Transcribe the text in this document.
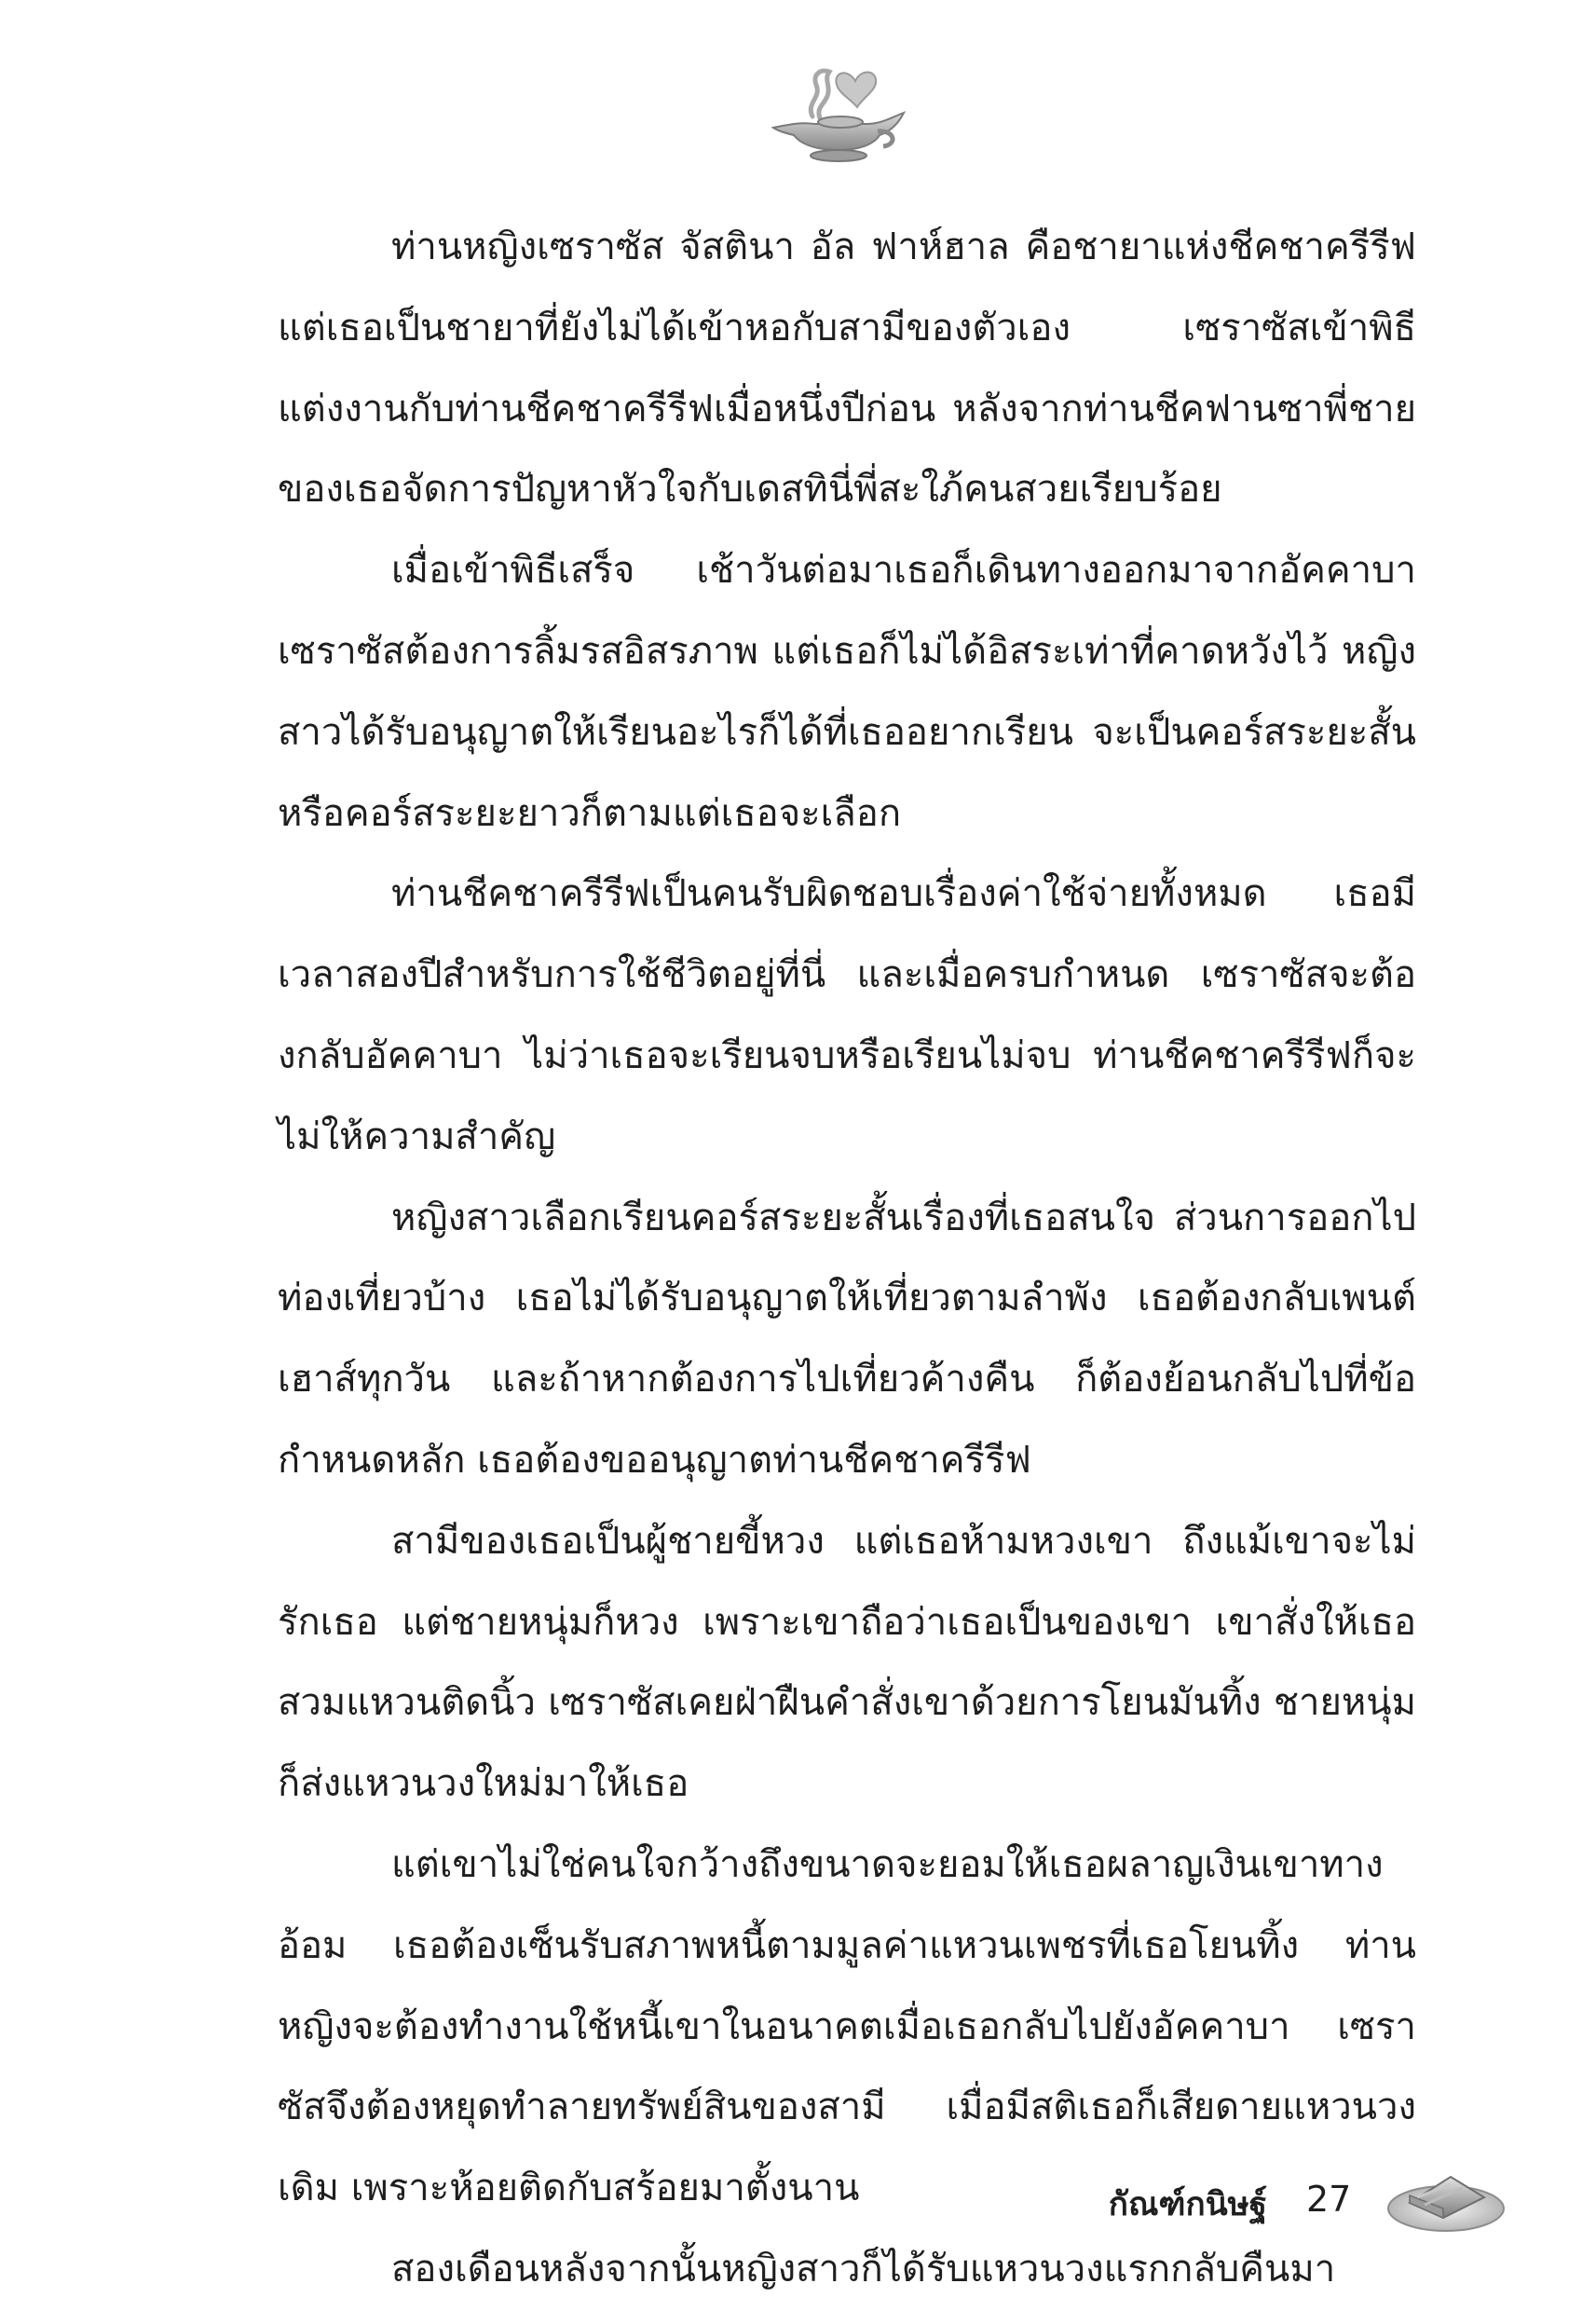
ท่านหญิงเซราซัส จัสตินา อัล ฟาห์ฮาล คือชายาแห่งชีคชาครีรีฟ แต่เธอเป็นชายาที่ยังไม่ได้เข้าหอกับสามีของตัวเอง เซราซัสเข้าพิธีแต่งงานกับท่านชีคชาครีรีฟเมื่อหนึ่งปีก่อน หลังจากท่านชีคฟานซาพี่ชายของเธอจัดการปัญหาหัวใจกับเดสทินี่พี่สะใภ้คนสวยเรียบร้อย

เมื่อเข้าพิธีเสร็จ เช้าวันต่อมาเธอก็เดินทางออกมาจากอัคคาบา เซราซัสต้องการลิ้มรสอิสรภาพ แต่เธอก็ไม่ได้อิสระเท่าที่คาดหวังไว้ หญิงสาวได้รับอนุญาตให้เรียนอะไรก็ได้ที่เธออยากเรียน จะเป็นคอร์สระยะสั้นหรือคอร์สระยะยาวก็ตามแต่เธอจะเลือก

ท่านชีคชาครีรีฟเป็นคนรับผิดชอบเรื่องค่าใช้จ่ายทั้งหมด เธอมีเวลาสองปีสำหรับการใช้ชีวิตอยู่ที่นี่ และเมื่อครบกำหนด เซราซัสจะต้องกลับอัคคาบา ไม่ว่าเธอจะเรียนจบหรือเรียนไม่จบ ท่านชีคชาครีรีฟก็จะไม่ให้ความสำคัญ

หญิงสาวเลือกเรียนคอร์สระยะสั้นเรื่องที่เธอสนใจ ส่วนการออกไปท่องเที่ยวบ้าง เธอไม่ได้รับอนุญาตให้เที่ยวตามลำพัง เธอต้องกลับเพนต์เฮาส์ทุกวัน และถ้าหากต้องการไปเที่ยวค้างคืน ก็ต้องย้อนกลับไปที่ข้อกำหนดหลัก เธอต้องขออนุญาตท่านชีคชาครีรีฟ

สามีของเธอเป็นผู้ชายขี้หวง แต่เธอห้ามหวงเขา ถึงแม้เขาจะไม่รักเธอ แต่ชายหนุ่มก็หวง เพราะเขาถือว่าเธอเป็นของเขา เขาสั่งให้เธอสวมแหวนติดนิ้ว เซราซัสเคยฝ่าฝืนคำสั่งเขาด้วยการโยนมันทิ้ง ชายหนุ่มก็ส่งแหวนวงใหม่มาให้เธอ

แต่เขาไม่ใช่คนใจกว้างถึงขนาดจะยอมให้เธอผลาญเงินเขาทางอ้อม เธอต้องเซ็นรับสภาพหนี้ตามมูลค่าแหวนเพชรที่เธอโยนทิ้ง ท่านหญิงจะต้องทำงานใช้หนี้เขาในอนาคตเมื่อเธอกลับไปยังอัคคาบา เซราซัสจึงต้องหยุดทำลายทรัพย์สินของสามี เมื่อมีสติเธอก็เสียดายแหวนวงเดิม เพราะห้อยติดกับสร้อยมาตั้งนาน

สองเดือนหลังจากนั้นหญิงสาวก็ได้รับแหวนวงแรกกลับคืนมา

กัณฑ์กนิษฐ์ 27
